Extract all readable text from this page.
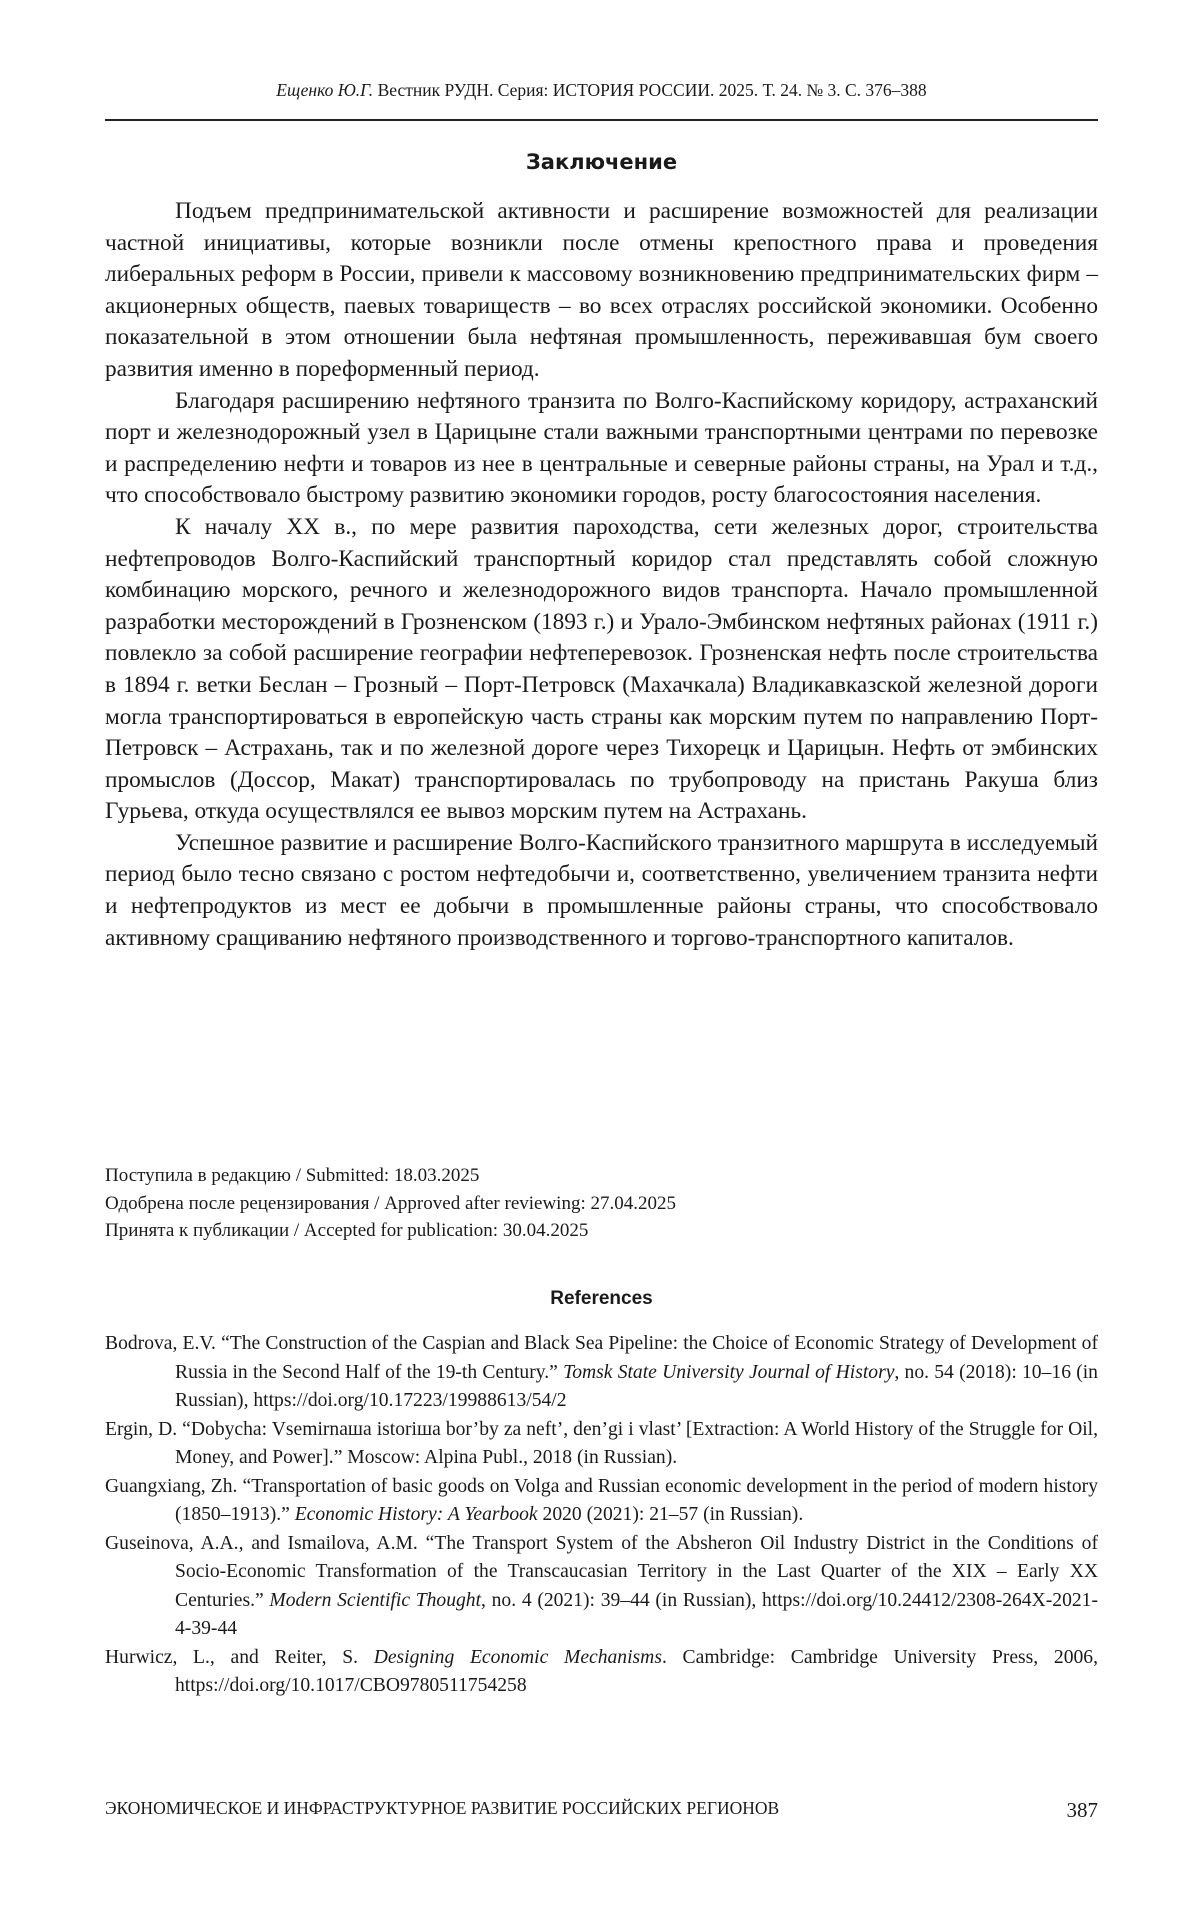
Ещенко Ю.Г. Вестник РУДН. Серия: ИСТОРИЯ РОССИИ. 2025. Т. 24. № 3. С. 376–388
Заключение

Подъем предпринимательской активности и расширение возможностей для реализации частной инициативы, которые возникли после отмены крепостного права и проведения либеральных реформ в России, привели к массовому возникновению предпринимательских фирм – акционерных обществ, паевых товариществ – во всех отраслях российской экономики. Особенно показательной в этом отношении была нефтяная промышленность, переживавшая бум своего развития именно в пореформенный период.

Благодаря расширению нефтяного транзита по Волго-Каспийскому коридору, астраханский порт и железнодорожный узел в Царицыне стали важными транспортными центрами по перевозке и распределению нефти и товаров из нее в центральные и северные районы страны, на Урал и т.д., что способствовало быстрому развитию экономики городов, росту благосостояния населения.

К началу XX в., по мере развития пароходства, сети железных дорог, строительства нефтепроводов Волго-Каспийский транспортный коридор стал представлять собой сложную комбинацию морского, речного и железнодорожного видов транспорта. Начало промышленной разработки месторождений в Грозненском (1893 г.) и Урало-Эмбинском нефтяных районах (1911 г.) повлекло за собой расширение географии нефтеперевозок. Грозненская нефть после строительства в 1894 г. ветки Беслан – Грозный – Порт-Петровск (Махачкала) Владикавказской железной дороги могла транспортироваться в европейскую часть страны как морским путем по направлению Порт-Петровск – Астрахань, так и по железной дороге через Тихорецк и Царицын. Нефть от эмбинских промыслов (Доссор, Макат) транспортировалась по трубопроводу на пристань Ракуша близ Гурьева, откуда осуществлялся ее вывоз морским путем на Астрахань.

Успешное развитие и расширение Волго-Каспийского транзитного маршрута в исследуемый период было тесно связано с ростом нефтедобычи и, соответственно, увеличением транзита нефти и нефтепродуктов из мест ее добычи в промышленные районы страны, что способствовало активному сращиванию нефтяного производственного и торгово-транспортного капиталов.

Поступила в редакцию / Submitted: 18.03.2025
Одобрена после рецензирования / Approved after reviewing: 27.04.2025
Принята к публикации / Accepted for publication: 30.04.2025
References

Bodrova, E.V. “The Construction of the Caspian and Black Sea Pipeline: the Choice of Economic Strategy of Development of Russia in the Second Half of the 19-th Century.” Tomsk State University Journal of History, no. 54 (2018): 10–16 (in Russian), https://doi.org/10.17223/19988613/54/2

Ergin, D. “Dobycha: Vsemirnaшa istoriшa bor’by za neft’, den’gi i vlast’ [Extraction: A World History of the Struggle for Oil, Money, and Power].” Moscow: Alpina Publ., 2018 (in Russian).

Guangxiang, Zh. “Transportation of basic goods on Volga and Russian economic development in the period of modern history (1850–1913).” Economic History: A Yearbook 2020 (2021): 21–57 (in Russian).

Guseinova, A.A., and Ismailova, A.M. “The Transport System of the Absheron Oil Industry District in the Conditions of Socio-Economic Transformation of the Transcaucasian Territory in the Last Quarter of the XIX – Early XX Centuries.” Modern Scientific Thought, no. 4 (2021): 39–44 (in Russian), https://doi.org/10.24412/2308-264X-2021-4-39-44

Hurwicz, L., and Reiter, S. Designing Economic Mechanisms. Cambridge: Cambridge University Press, 2006, https://doi.org/10.1017/CBO9780511754258

ЭКОНОМИЧЕСКОЕ И ИНФРАСТРУКТУРНОЕ РАЗВИТИЕ РОССИЙСКИХ РЕГИОНОВ	387
